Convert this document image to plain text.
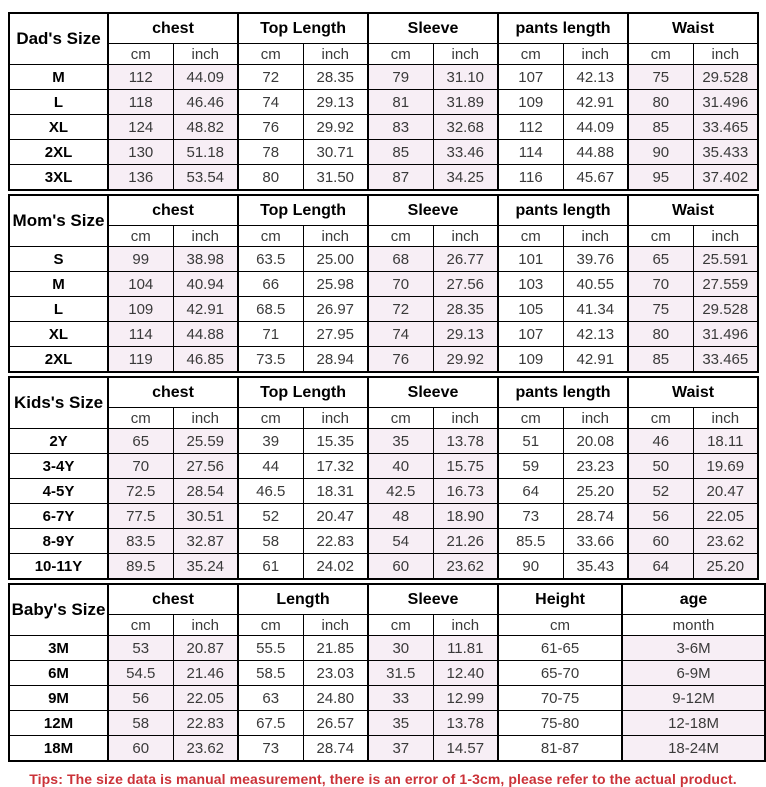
Dad's Size	chest		Top Length		Sleeve		pants length		Waist	
	cm	inch	cm	inch	cm	inch	cm	inch	cm	inch
M	112	44.09	72	28.35	79	31.10	107	42.13	75	29.528
L	118	46.46	74	29.13	81	31.89	109	42.91	80	31.496
XL	124	48.82	76	29.92	83	32.68	112	44.09	85	33.465
2XL	130	51.18	78	30.71	85	33.46	114	44.88	90	35.433
3XL	136	53.54	80	31.50	87	34.25	116	45.67	95	37.402
Mom's Size	chest		Top Length		Sleeve		pants length		Waist	
	cm	inch	cm	inch	cm	inch	cm	inch	cm	inch
S	99	38.98	63.5	25.00	68	26.77	101	39.76	65	25.591
M	104	40.94	66	25.98	70	27.56	103	40.55	70	27.559
L	109	42.91	68.5	26.97	72	28.35	105	41.34	75	29.528
XL	114	44.88	71	27.95	74	29.13	107	42.13	80	31.496
2XL	119	46.85	73.5	28.94	76	29.92	109	42.91	85	33.465
Kids's Size	chest		Top Length		Sleeve		pants length		Waist	
	cm	inch	cm	inch	cm	inch	cm	inch	cm	inch
2Y	65	25.59	39	15.35	35	13.78	51	20.08	46	18.11
3-4Y	70	27.56	44	17.32	40	15.75	59	23.23	50	19.69
4-5Y	72.5	28.54	46.5	18.31	42.5	16.73	64	25.20	52	20.47
6-7Y	77.5	30.51	52	20.47	48	18.90	73	28.74	56	22.05
8-9Y	83.5	32.87	58	22.83	54	21.26	85.5	33.66	60	23.62
10-11Y	89.5	35.24	61	24.02	60	23.62	90	35.43	64	25.20
Baby's Size	chest		Length		Sleeve		Height	age
	cm	inch	cm	inch	cm	inch	cm	month
3M	53	20.87	55.5	21.85	30	11.81	61-65	3-6M
6M	54.5	21.46	58.5	23.03	31.5	12.40	65-70	6-9M
9M	56	22.05	63	24.80	33	12.99	70-75	9-12M
12M	58	22.83	67.5	26.57	35	13.78	75-80	12-18M
18M	60	23.62	73	28.74	37	14.57	81-87	18-24M

Tips: The size data is manual measurement, there is an error of 1-3cm, please refer to the actual product.
